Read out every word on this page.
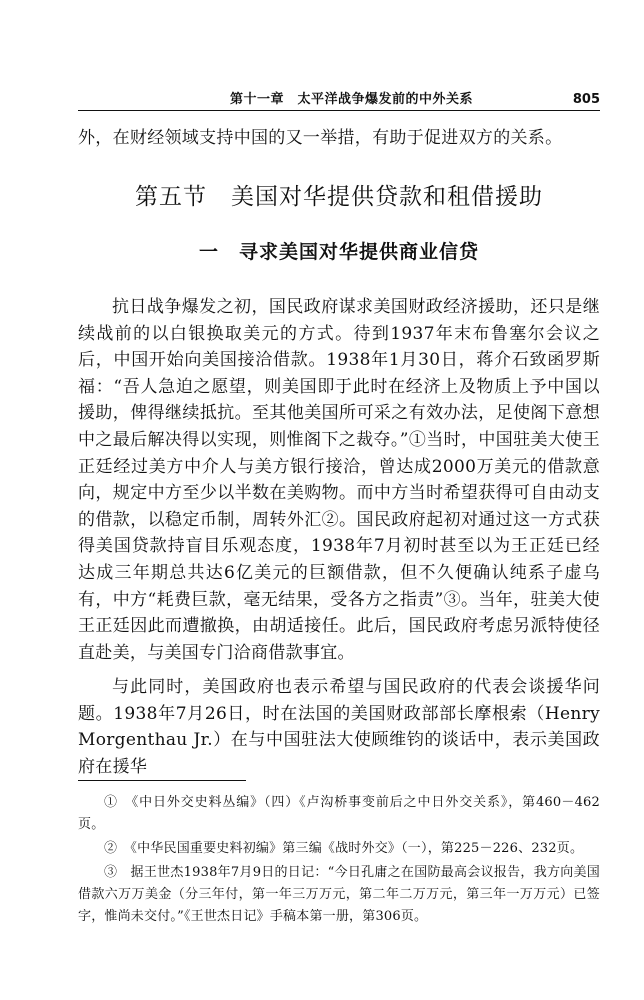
第十一章　太平洋战争爆发前的中外关系	805
外，在财经领域支持中国的又一举措，有助于促进双方的关系。
第五节　美国对华提供贷款和租借援助
一　寻求美国对华提供商业信贷
抗日战争爆发之初，国民政府谋求美国财政经济援助，还只是继续战前的以白银换取美元的方式。待到1937年末布鲁塞尔会议之后，中国开始向美国接洽借款。1938年1月30日，蒋介石致函罗斯福：“吾人急迫之愿望，则美国即于此时在经济上及物质上予中国以援助，俾得继续抵抗。至其他美国所可采之有效办法，足使阁下意想中之最后解决得以实现，则惟阁下之裁夺。”①当时，中国驻美大使王正廷经过美方中介人与美方银行接洽，曾达成2000万美元的借款意向，规定中方至少以半数在美购物。而中方当时希望获得可自由动支的借款，以稳定币制，周转外汇②。国民政府起初对通过这一方式获得美国贷款持盲目乐观态度，1938年7月初时甚至以为王正廷已经达成三年期总共达6亿美元的巨额借款，但不久便确认纯系子虚乌有，中方“耗费巨款，毫无结果，受各方之指责”③。当年，驻美大使王正廷因此而遭撤换，由胡适接任。此后，国民政府考虑另派特使径直赴美，与美国专门洽商借款事宜。
与此同时，美国政府也表示希望与国民政府的代表会谈援华问题。1938年7月26日，时在法国的美国财政部部长摩根索（Henry Morgenthau Jr.）在与中国驻法大使顾维钧的谈话中，表示美国政府在援华

①　《中日外交史料丛编》（四）《卢沟桥事变前后之中日外交关系》，第460－462页。

②　《中华民国重要史料初编》第三编《战时外交》（一），第225－226、232页。

③　据王世杰1938年7月9日的日记：“今日孔庸之在国防最高会议报告，我方向美国借款六万万美金（分三年付，第一年三万万元，第二年二万万元，第三年一万万元）已签字，惟尚未交付。”《王世杰日记》手稿本第一册，第306页。
